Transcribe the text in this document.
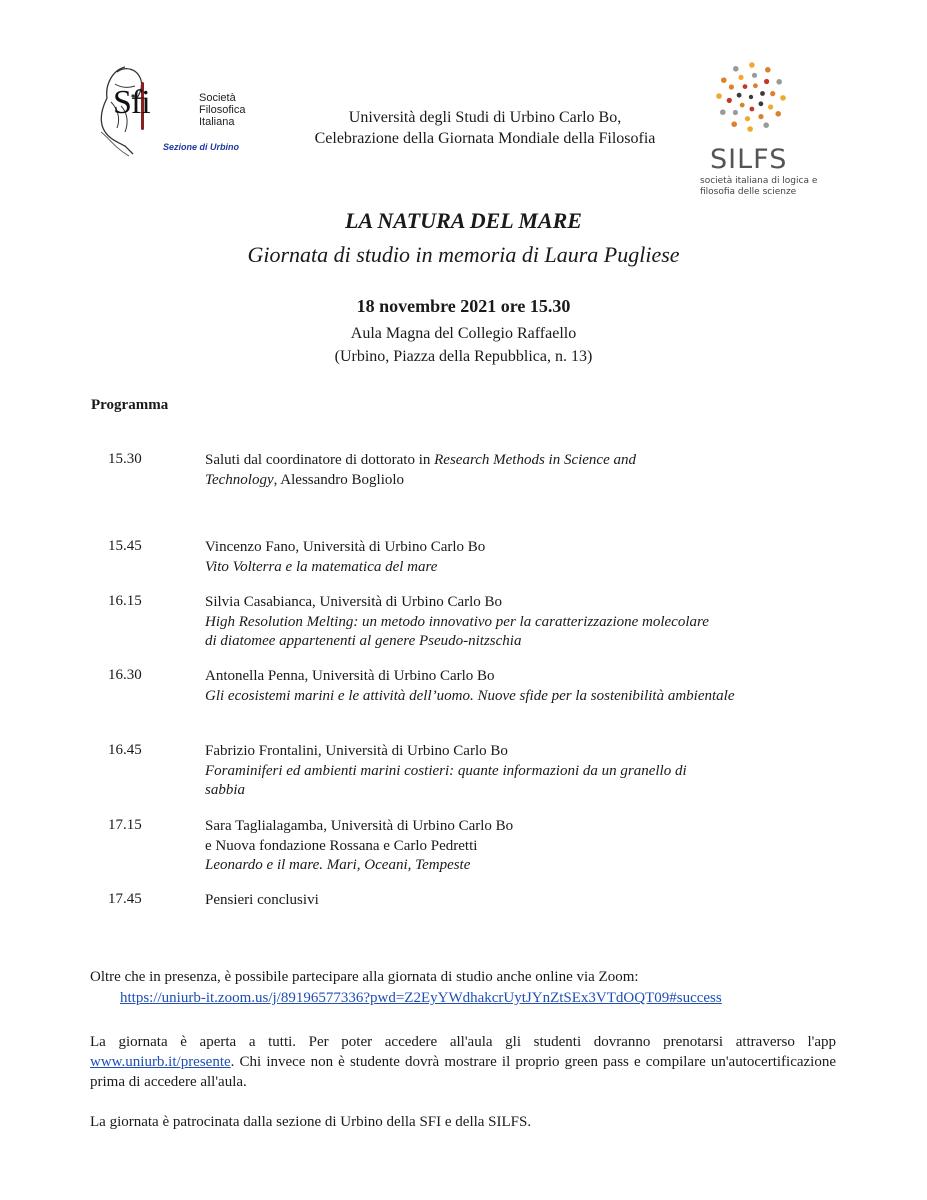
Sfi	Società
Filosofica
Italiana
Sezione di Urbino
Università degli Studi di Urbino Carlo Bo,
Celebrazione della Giornata Mondiale della Filosofia
SILFS
società italiana di logica e
filosofia delle scienze
LA NATURA DEL MARE
Giornata di studio in memoria di Laura Pugliese
18 novembre 2021 ore 15.30
Aula Magna del Collegio Raffaello
(Urbino, Piazza della Repubblica, n. 13)
Programma
15.30	Saluti dal coordinatore di dottorato in Research Methods in Science and Technology, Alessandro Bogliolo
15.45	Vincenzo Fano, Università di Urbino Carlo Bo
Vito Volterra e la matematica del mare
16.15	Silvia Casabianca, Università di Urbino Carlo Bo
High Resolution Melting: un metodo innovativo per la caratterizzazione molecolare di diatomee appartenenti al genere Pseudo-nitzschia
16.30	Antonella Penna, Università di Urbino Carlo Bo
Gli ecosistemi marini e le attività dell’uomo. Nuove sfide per la sostenibilità ambientale
16.45	Fabrizio Frontalini, Università di Urbino Carlo Bo
Foraminiferi ed ambienti marini costieri: quante informazioni da un granello di sabbia
17.15	Sara Taglialagamba, Università di Urbino Carlo Bo
e Nuova fondazione Rossana e Carlo Pedretti
Leonardo e il mare. Mari, Oceani, Tempeste
17.45	Pensieri conclusivi
Oltre che in presenza, è possibile partecipare alla giornata di studio anche online via Zoom:
https://uniurb-it.zoom.us/j/89196577336?pwd=Z2EyYWdhakcrUytJYnZtSEx3VTdOQT09#success
La giornata è aperta a tutti. Per poter accedere all'aula gli studenti dovranno prenotarsi attraverso l'app www.uniurb.it/presente. Chi invece non è studente dovrà mostrare il proprio green pass e compilare un'autocertificazione prima di accedere all'aula.
La giornata è patrocinata dalla sezione di Urbino della SFI e della SILFS.
